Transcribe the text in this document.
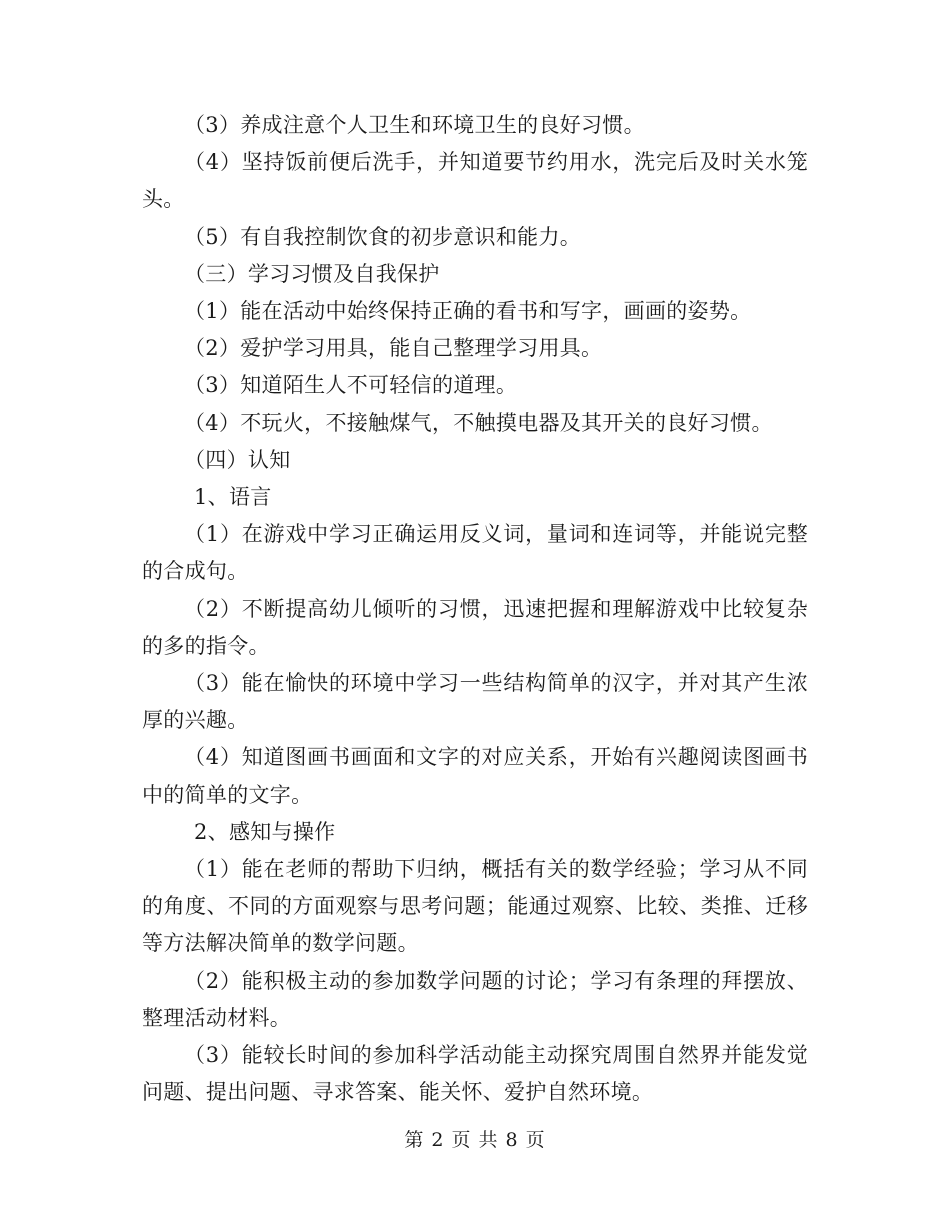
（3）养成注意个人卫生和环境卫生的良好习惯。

（4）坚持饭前便后洗手，并知道要节约用水，洗完后及时关水笼头。

（5）有自我控制饮食的初步意识和能力。

（三）学习习惯及自我保护

（1）能在活动中始终保持正确的看书和写字，画画的姿势。

（2）爱护学习用具，能自己整理学习用具。

（3）知道陌生人不可轻信的道理。

（4）不玩火，不接触煤气，不触摸电器及其开关的良好习惯。

（四）认知

1、语言

（1）在游戏中学习正确运用反义词，量词和连词等，并能说完整的合成句。

（2）不断提高幼儿倾听的习惯，迅速把握和理解游戏中比较复杂的多的指令。

（3）能在愉快的环境中学习一些结构简单的汉字，并对其产生浓厚的兴趣。

（4）知道图画书画面和文字的对应关系，开始有兴趣阅读图画书中的简单的文字。

2、感知与操作

（1）能在老师的帮助下归纳，概括有关的数学经验；学习从不同的角度、不同的方面观察与思考问题；能通过观察、比较、类推、迁移等方法解决简单的数学问题。

（2）能积极主动的参加数学问题的讨论；学习有条理的拜摆放、整理活动材料。

（3）能较长时间的参加科学活动能主动探究周围自然界并能发觉问题、提出问题、寻求答案、能关怀、爱护自然环境。

第 2 页 共 8 页
